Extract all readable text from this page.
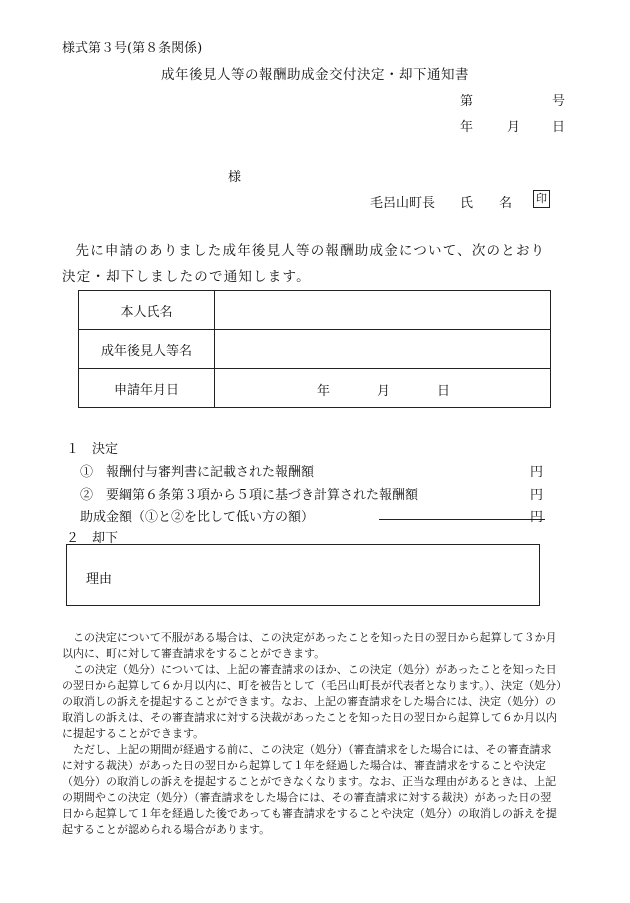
様式第３号(第８条関係)
成年後見人等の報酬助成金交付決定・却下通知書
第	号
年	月 日
様
毛呂山町長 氏　　名 印

先に申請のありました成年後見人等の報酬助成金について、次のとおり

決定・却下しましたので通知します。

本人氏名	
成年後見人等名	
申請年月日	年 月 日
１　決定
①　報酬付与審判書に記載された報酬額	円
②　要綱第６条第３項から５項に基づき計算された報酬額	円
助成金額（①と②を比して低い方の額）	円
２　却下
理由

この決定について不服がある場合は、この決定があったことを知った日の翌日から起算して３か月以内に、町に対して審査請求をすることができます。

この決定（処分）については、上記の審査請求のほか、この決定（処分）があったことを知った日の翌日から起算して６か月以内に、町を被告として（毛呂山町長が代表者となります。）、決定（処分）の取消しの訴えを提起することができます。なお、上記の審査請求をした場合には、決定（処分）の取消しの訴えは、その審査請求に対する決裁があったことを知った日の翌日から起算して６か月以内に提起することができます。

ただし、上記の期間が経過する前に、この決定（処分）（審査請求をした場合には、その審査請求に対する裁決）があった日の翌日から起算して１年を経過した場合は、審査請求をすることや決定（処分）の取消しの訴えを提起することができなくなります。なお、正当な理由があるときは、上記の期間やこの決定（処分）（審査請求をした場合には、その審査請求に対する裁決）があった日の翌日から起算して１年を経過した後であっても審査請求をすることや決定（処分）の取消しの訴えを提起することが認められる場合があります。
